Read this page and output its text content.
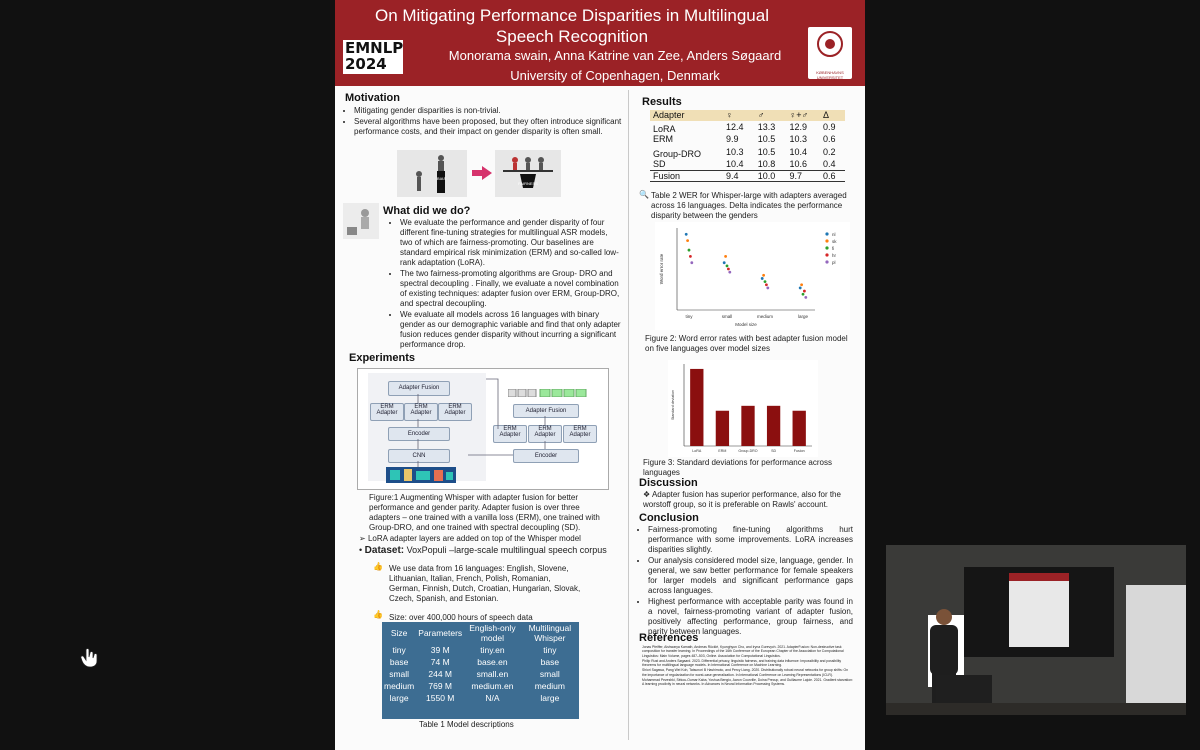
EMNLP
2024
On Mitigating Performance Disparities in Multilingual
Speech Recognition
Monorama swain, Anna Katrine van Zee, Anders Søgaard
University of Copenhagen, Denmark	KØBENHAVNS UNIVERSITET
Motivation
• Mitigating gender disparities is non-trivial.
• Several algorithms have been proposed, but they often introduce significant performance costs, and their impact on gender disparity is often small.
BIAS
FAIRNESS
What did we do?
• We evaluate the performance and gender disparity of four different fine-tuning strategies for multilingual ASR models, two of which are fairness-promoting. Our baselines are standard empirical risk minimization (ERM) and so-called low-rank adaptation (LoRA).
• The two fairness-promoting algorithms are Group- DRO and spectral decoupling . Finally, we evaluate a novel combination of existing techniques: adapter fusion over ERM, Group-DRO, and spectral decoupling.
• We evaluate all models across 16 languages with binary gender as our demographic variable and find that only adapter fusion reduces gender disparity without incurring a significant performance drop.
Experiments
Adapter Fusion
ERM Adapter
ERM Adapter
ERM Adapter
Encoder
CNN
Adapter Fusion
ERM Adapter
ERM Adapter
ERM Adapter
Encoder
Figure:1 Augmenting Whisper with adapter fusion for better performance and gender parity. Adapter fusion is over three adapters – one trained with a vanilla loss (ERM), one trained with Group-DRO, and one trained with spectral decoupling (SD).
➢ LoRA adapter layers are added on top of the Whisper model
• Dataset: VoxPopuli –large-scale multilingual speech corpus
👍 We use data from 16 languages: English, Slovene, Lithuanian, Italian, French, Polish, Romanian, German, Finnish, Dutch, Croatian, Hungarian, Slovak, Czech, Spanish, and Estonian.
👍 Size: over 400,000 hours of speech data
Size	Parameters	English-only model	Multilingual Whisper
tiny	39 M	tiny.en	tiny
base	74 M	base.en	base
small	244 M	small.en	small
medium	769 M	medium.en	medium
large	1550 M	N/A	large
Table 1 Model descriptions
Results
Adapter	♀	♂	♀+♂	Δ
LoRA	12.4	13.3	12.9	0.9
ERM	9.9	10.5	10.3	0.6
Group-DRO	10.3	10.5	10.4	0.2
SD	10.4	10.8	10.6	0.4
Fusion	9.4	10.0	9.7	0.6
🔍 Table 2 WER for Whisper-large with adapters averaged across 16 languages. Delta indicates the performance disparity between the genders
tiny	small	medium	large
nl
sk
fi
hr
pl
Model size
Word error rate
Figure 2: Word error rates with best adapter fusion model on five languages over model sizes
LoRA	ERM	Group-DRO	SD	Fusion
Standard deviation
Figure 3: Standard deviations for performance across languages
Discussion
❖ Adapter fusion has superior performance, also for the worstoff group, so it is preferable on Rawls' account.
Conclusion
• Fairness-promoting fine-tuning algorithms hurt performance with some improvements. LoRA increases disparities slightly.
• Our analysis considered model size, language, gender. In general, we saw better performance for female speakers for larger models and significant performance gaps across languages.
• Highest performance with acceptable parity was found in a novel, fairness-promoting variant of adapter fusion, positively affecting performance, group fairness, and parity between languages.
References
Jonas Pfeiffer, Aishwarya Kamath, Andreas Rücklé, Kyunghyun Cho, and Iryna Gurevych. 2021. AdapterFusion: Non-destructive task composition for transfer learning. In Proceedings of the 16th Conference of the European Chapter of the Association for Computational Linguistics: Main Volume, pages 487–503, Online. Association for Computational Linguistics.
Philip Rust and Anders Søgaard. 2023. Differential privacy, linguistic fairness, and training data influence: Impossibility and possibility theorems for multilingual language models. In International Conference on Machine Learning.
Shiori Sagawa, Pang Wei Koh, Tatsunori B Hashimoto, and Percy Liang. 2020. Distributionally robust neural networks for group shifts: On the importance of regularization for worst-case generalization. In International Conference on Learning Representations (ICLR).
Mohammad Pezeshki, Sékou-Oumar Kaba, Yoshua Bengio, Aaron Courville, Doina Precup, and Guillaume Lajoie. 2021. Gradient starvation: A learning proclivity in neural networks. In Advances in Neural Information Processing Systems.
